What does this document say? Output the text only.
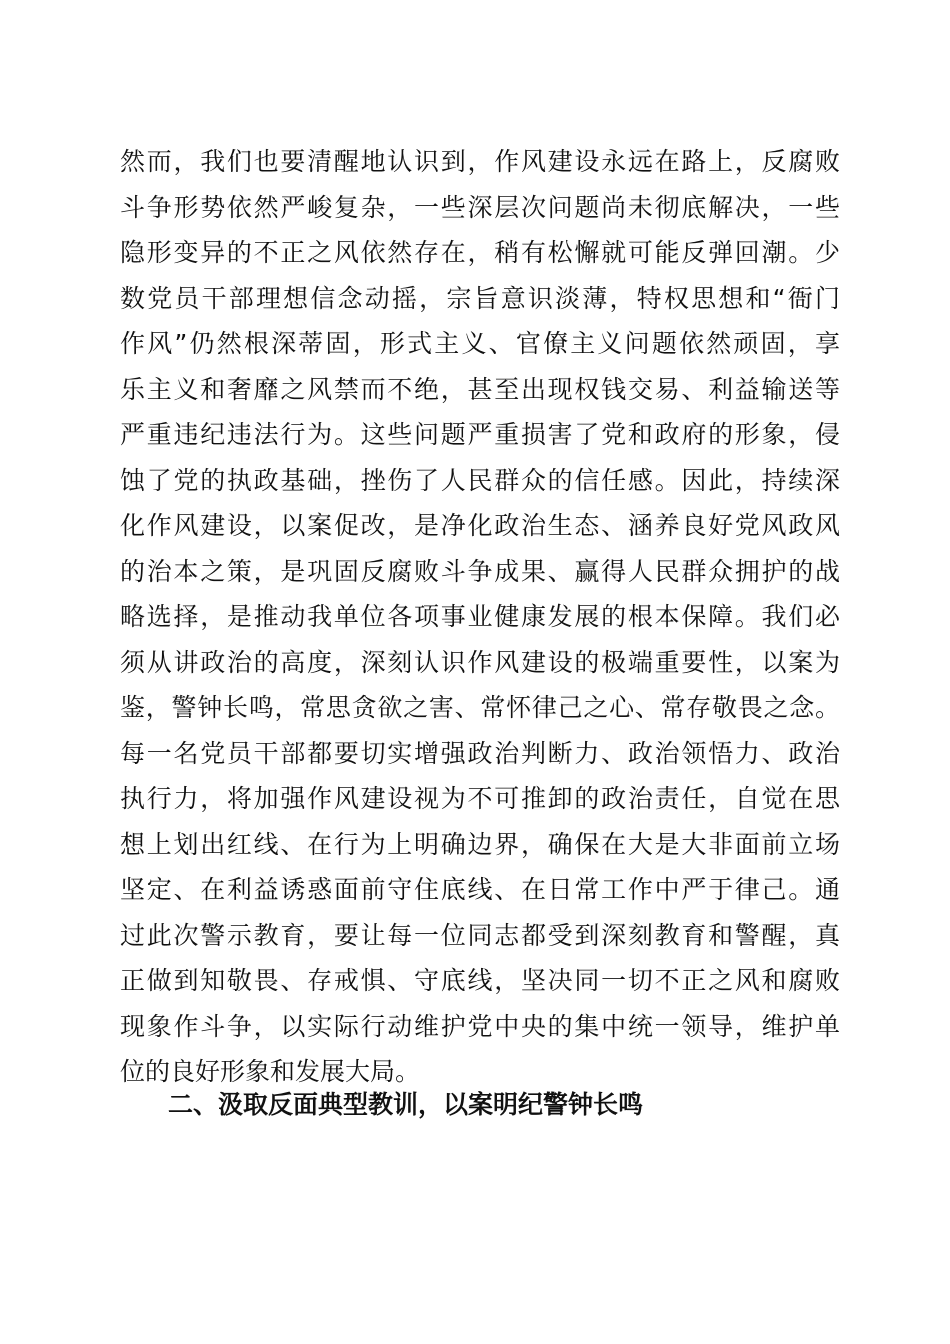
然而，我们也要清醒地认识到，作风建设永远在路上，反腐败
斗争形势依然严峻复杂，一些深层次问题尚未彻底解决，一些
隐形变异的不正之风依然存在，稍有松懈就可能反弹回潮。少
数党员干部理想信念动摇，宗旨意识淡薄，特权思想和“衙门
作风”仍然根深蒂固，形式主义、官僚主义问题依然顽固，享
乐主义和奢靡之风禁而不绝，甚至出现权钱交易、利益输送等
严重违纪违法行为。这些问题严重损害了党和政府的形象，侵
蚀了党的执政基础，挫伤了人民群众的信任感。因此，持续深
化作风建设，以案促改，是净化政治生态、涵养良好党风政风
的治本之策，是巩固反腐败斗争成果、赢得人民群众拥护的战
略选择，是推动我单位各项事业健康发展的根本保障。我们必
须从讲政治的高度，深刻认识作风建设的极端重要性，以案为
鉴，警钟长鸣，常思贪欲之害、常怀律己之心、常存敬畏之念。
每一名党员干部都要切实增强政治判断力、政治领悟力、政治
执行力，将加强作风建设视为不可推卸的政治责任，自觉在思
想上划出红线、在行为上明确边界，确保在大是大非面前立场
坚定、在利益诱惑面前守住底线、在日常工作中严于律己。通
过此次警示教育，要让每一位同志都受到深刻教育和警醒，真
正做到知敬畏、存戒惧、守底线，坚决同一切不正之风和腐败
现象作斗争，以实际行动维护党中央的集中统一领导，维护单
位的良好形象和发展大局。
二、汲取反面典型教训，以案明纪警钟长鸣
